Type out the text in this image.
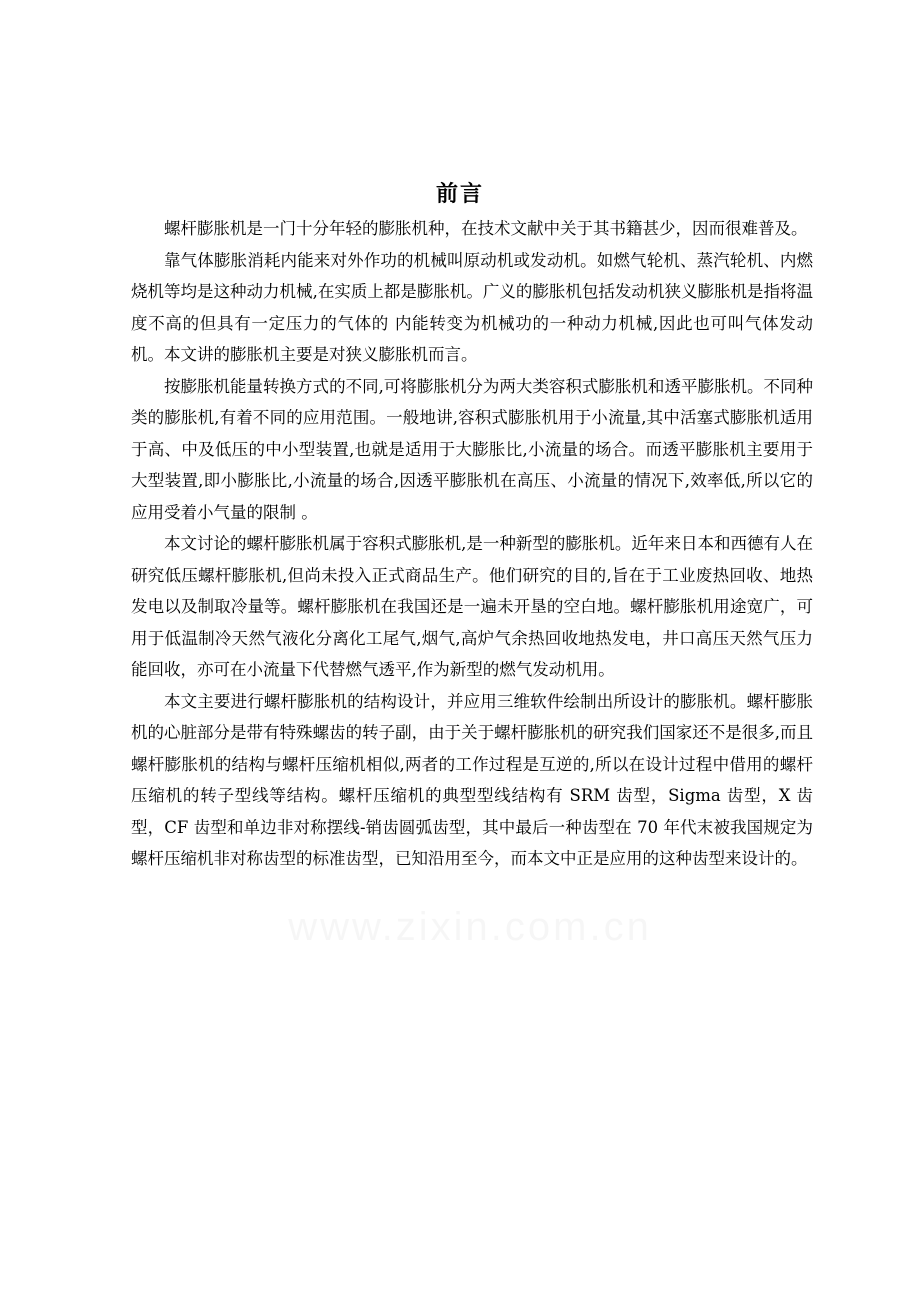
前言

螺杆膨胀机是一门十分年轻的膨胀机种，在技术文献中关于其书籍甚少，因而很难普及。

靠气体膨胀消耗内能来对外作功的机械叫原动机或发动机。如燃气轮机、蒸汽轮机、内燃烧机等均是这种动力机械,在实质上都是膨胀机。广义的膨胀机包括发动机狭义膨胀机是指将温度不高的但具有一定压力的气体的 内能转变为机械功的一种动力机械,因此也可叫气体发动机。本文讲的膨胀机主要是对狭义膨胀机而言。

按膨胀机能量转换方式的不同,可将膨胀机分为两大类容积式膨胀机和透平膨胀机。不同种类的膨胀机,有着不同的应用范围。一般地讲,容积式膨胀机用于小流量,其中活塞式膨胀机适用于高、中及低压的中小型装置,也就是适用于大膨胀比,小流量的场合。而透平膨胀机主要用于大型装置,即小膨胀比,小流量的场合,因透平膨胀机在高压、小流量的情况下,效率低,所以它的应用受着小气量的限制 。

本文讨论的螺杆膨胀机属于容积式膨胀机,是一种新型的膨胀机。近年来日本和西德有人在研究低压螺杆膨胀机,但尚未投入正式商品生产。他们研究的目的,旨在于工业废热回收、地热发电以及制取冷量等。螺杆膨胀机在我国还是一遍未开垦的空白地。螺杆膨胀机用途宽广，可用于低温制冷天然气液化分离化工尾气,烟气,高炉气余热回收地热发电，井口高压天然气压力能回收，亦可在小流量下代替燃气透平,作为新型的燃气发动机用。

本文主要进行螺杆膨胀机的结构设计，并应用三维软件绘制出所设计的膨胀机。螺杆膨胀机的心脏部分是带有特殊螺齿的转子副，由于关于螺杆膨胀机的研究我们国家还不是很多,而且螺杆膨胀机的结构与螺杆压缩机相似,两者的工作过程是互逆的,所以在设计过程中借用的螺杆压缩机的转子型线等结构。螺杆压缩机的典型型线结构有 SRM 齿型，Sigma 齿型，X 齿型，CF 齿型和单边非对称摆线-销齿圆弧齿型，其中最后一种齿型在 70 年代末被我国规定为螺杆压缩机非对称齿型的标准齿型，已知沿用至今，而本文中正是应用的这种齿型来设计的。
